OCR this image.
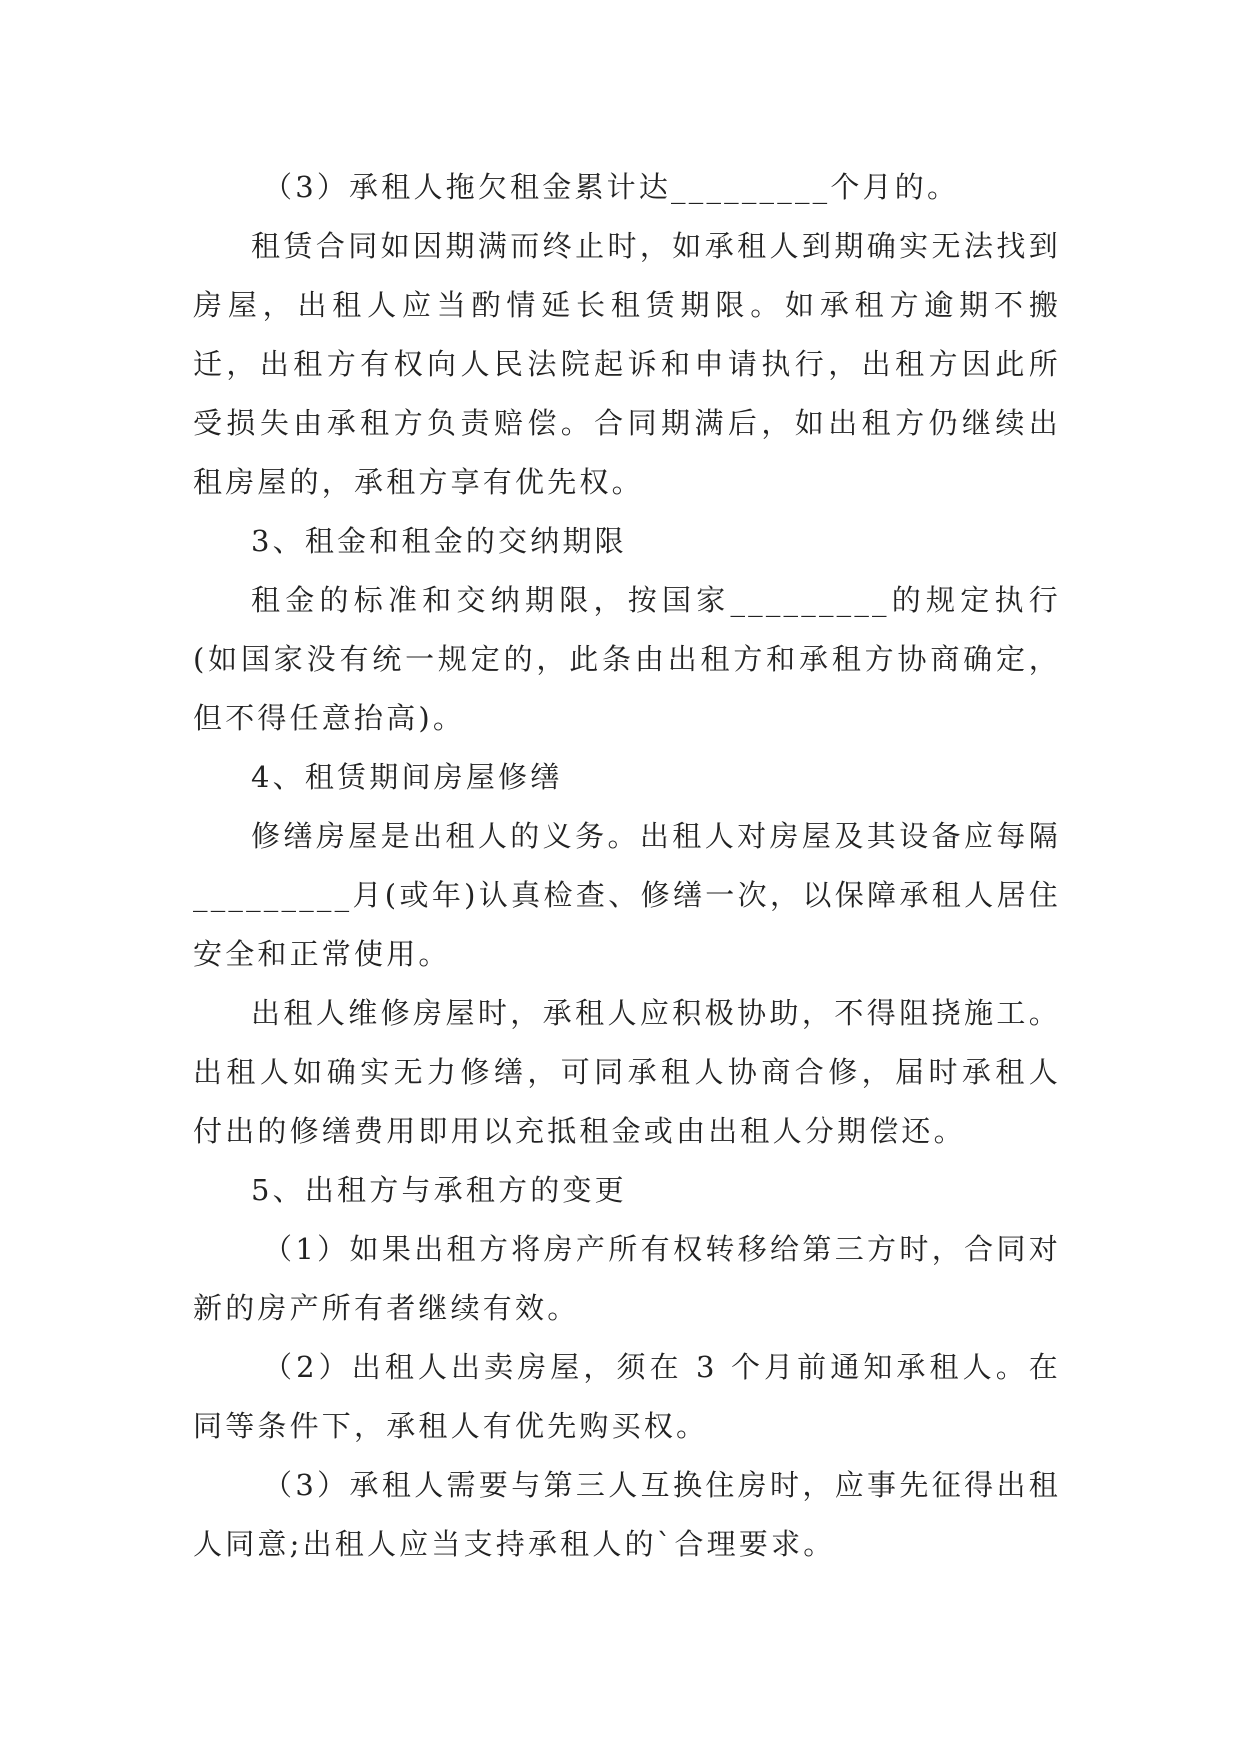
（3）承租人拖欠租金累计达_________个月的。

租赁合同如因期满而终止时，如承租人到期确实无法找到房屋，出租人应当酌情延长租赁期限。如承租方逾期不搬迁，出租方有权向人民法院起诉和申请执行，出租方因此所受损失由承租方负责赔偿。合同期满后，如出租方仍继续出租房屋的，承租方享有优先权。

3、租金和租金的交纳期限

租金的标准和交纳期限，按国家_________的规定执行(如国家没有统一规定的，此条由出租方和承租方协商确定，但不得任意抬高)。

4、租赁期间房屋修缮

修缮房屋是出租人的义务。出租人对房屋及其设备应每隔_________月(或年)认真检查、修缮一次，以保障承租人居住安全和正常使用。

出租人维修房屋时，承租人应积极协助，不得阻挠施工。出租人如确实无力修缮，可同承租人协商合修，届时承租人付出的修缮费用即用以充抵租金或由出租人分期偿还。

5、出租方与承租方的变更

（1）如果出租方将房产所有权转移给第三方时，合同对新的房产所有者继续有效。

（2）出租人出卖房屋，须在 3 个月前通知承租人。在同等条件下，承租人有优先购买权。

（3）承租人需要与第三人互换住房时，应事先征得出租人同意;出租人应当支持承租人的`合理要求。
